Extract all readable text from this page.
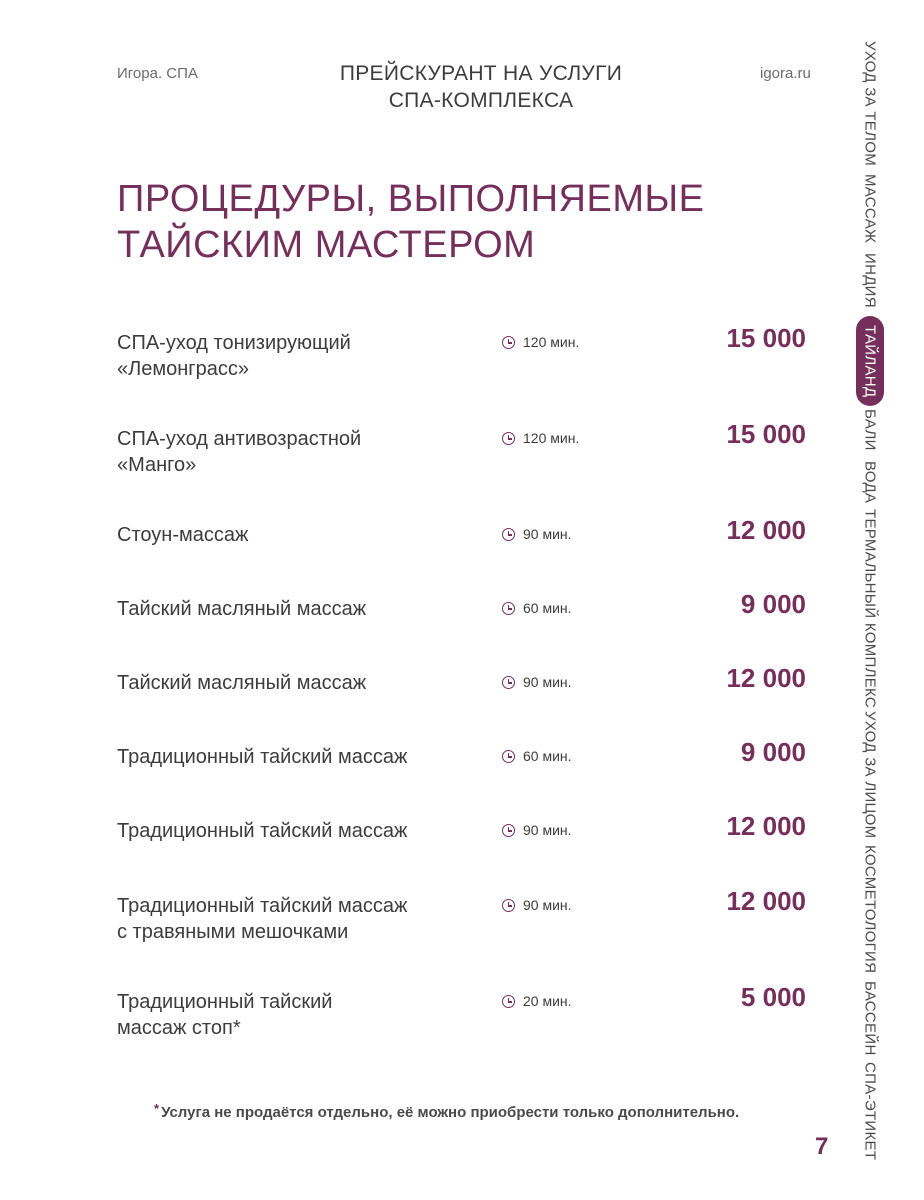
Игора. СПА	ПРЕЙСКУРАНТ НА УСЛУГИ
СПА-КОМПЛЕКСА
igora.ru
ПРОЦЕДУРЫ, ВЫПОЛНЯЕМЫЕ
ТАЙСКИМ МАСТЕРОМ
СПА-уход тонизирующий
«Лемонграсс»
120 мин.	15 000
СПА-уход антивозрастной
«Манго»
120 мин.	15 000
Стоун-массаж	90 мин.	12 000
Тайский масляный массаж	60 мин.	9 000
Тайский масляный массаж	90 мин.	12 000
Традиционный тайский массаж	60 мин.	9 000
Традиционный тайский массаж	90 мин.	12 000
Традиционный тайский массаж
с травяными мешочками
90 мин.	12 000
Традиционный тайский
массаж стоп*
20 мин.	5 000
* Услуга не продаётся отдельно, её можно приобрести только дополнительно.
7
УХОД ЗА ТЕЛОМ
МАССАЖ
ИНДИЯ
ТАЙЛАНД
БАЛИ
ВОДА
ТЕРМАЛЬНЫЙ КОМПЛЕКС
УХОД ЗА ЛИЦОМ
КОСМЕТОЛОГИЯ
БАССЕЙН
СПА-ЭТИКЕТ
